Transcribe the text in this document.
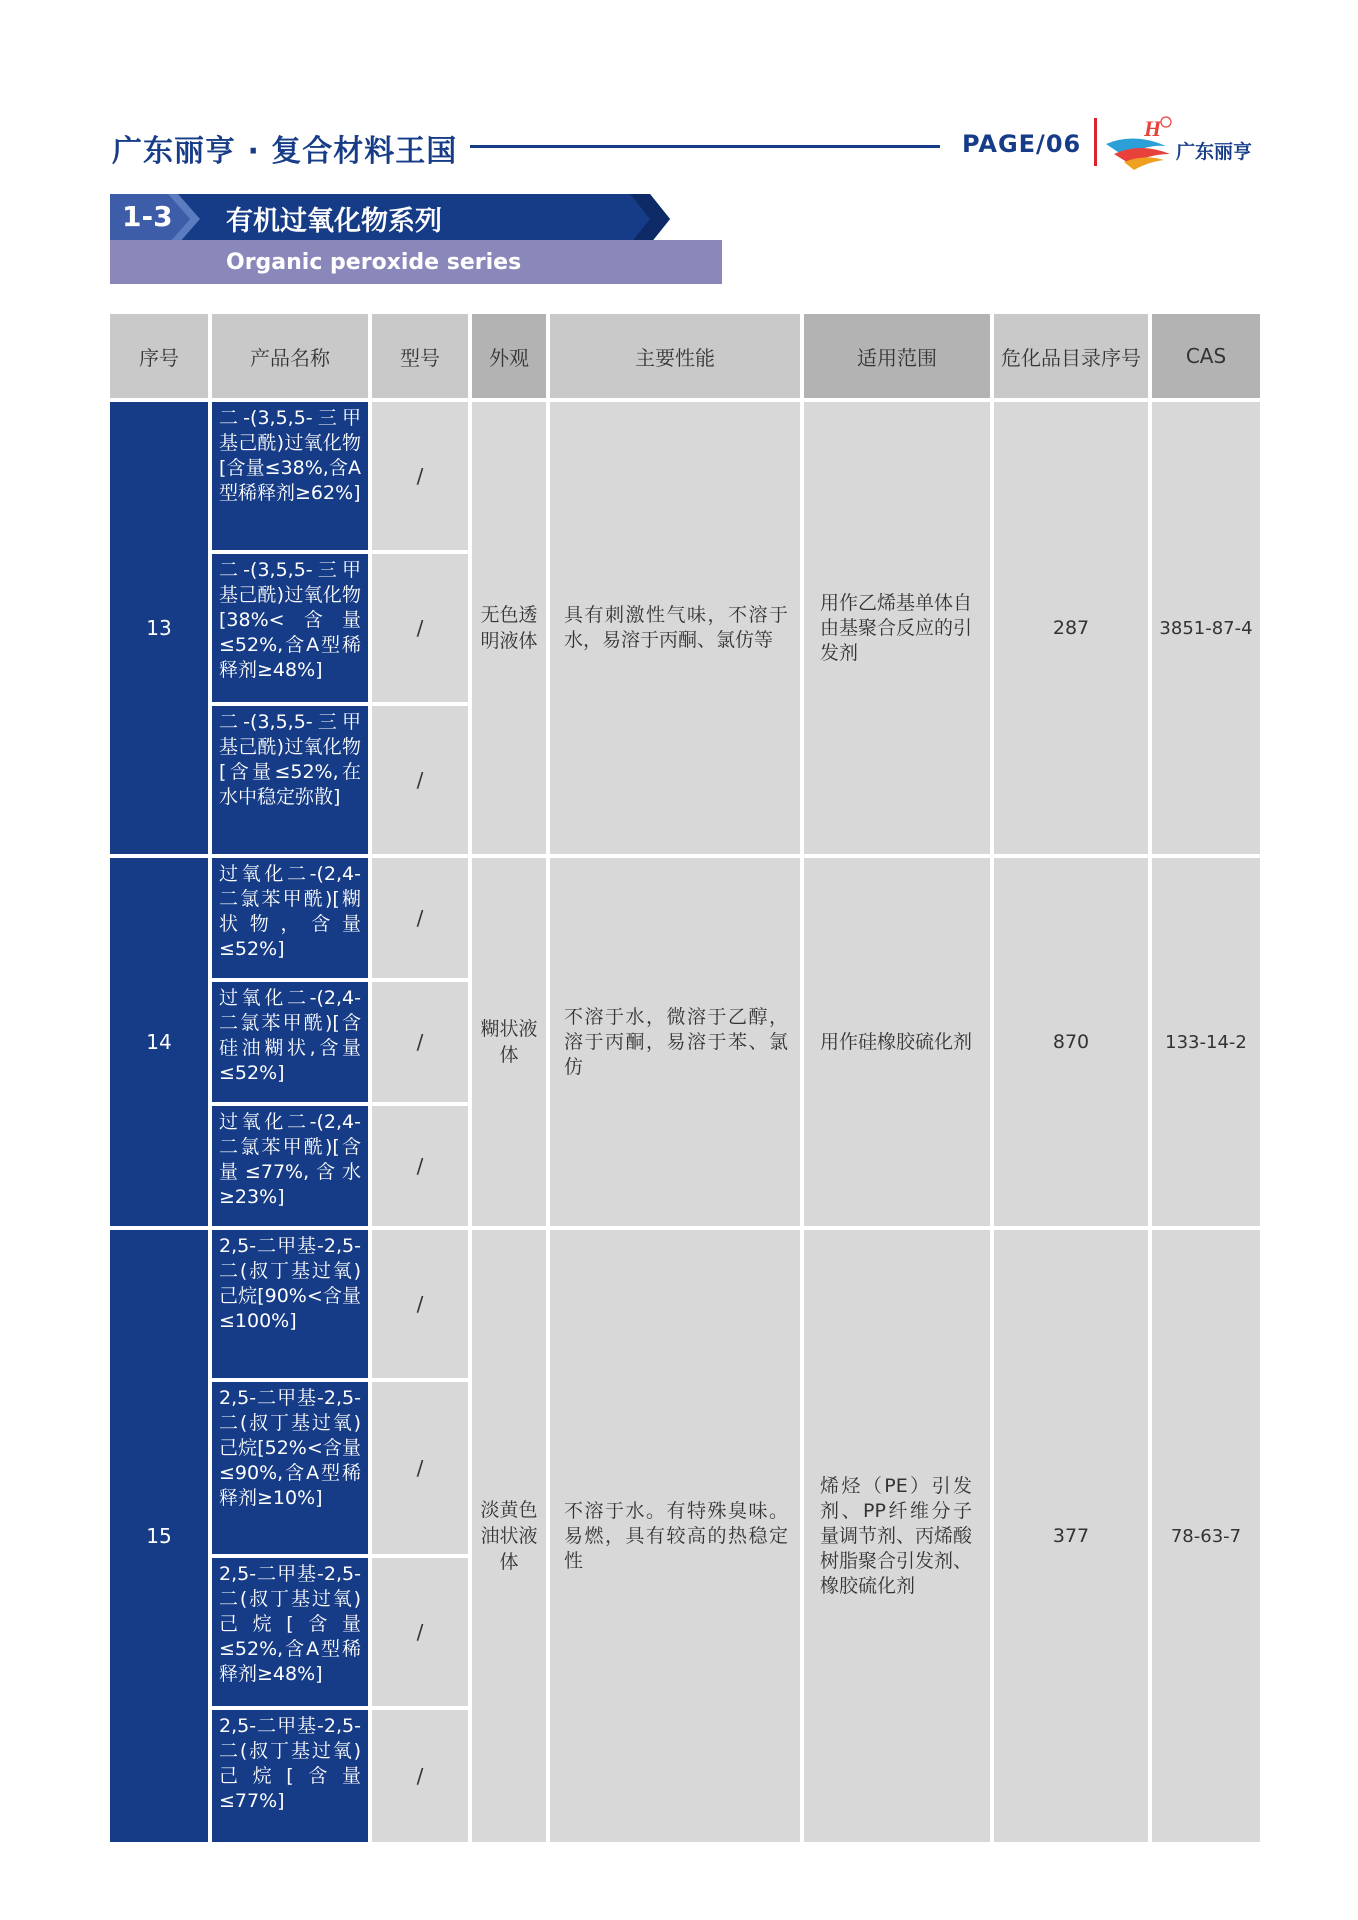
广东丽亨 · 复合材料王国	PAGE/06
H
广东丽亨
1-3 有机过氧化物系列
Organic peroxide series
序号	产品名称	型号	外观	主要性能	适用范围	危化品目录序号	CAS
13	二-(3,5,5-三甲基己酰)过氧化物[含量≤38%,含A型稀释剂≥62%]	/	无色透明液体	具有刺激性气味，不溶于水，易溶于丙酮、氯仿等	用作乙烯基单体自由基聚合反应的引发剂	287	3851-87-4
	二-(3,5,5-三甲基己酰)过氧化物[38%<含量≤52%,含A型稀释剂≥48%]	/					
	二-(3,5,5-三甲基己酰)过氧化物[含量≤52%,在水中稳定弥散]	/					
14	过氧化二-(2,4-二氯苯甲酰)[糊状物，含量≤52%]	/	糊状液体	不溶于水，微溶于乙醇，溶于丙酮，易溶于苯、氯仿	用作硅橡胶硫化剂	870	133-14-2
	过氧化二-(2,4-二氯苯甲酰)[含硅油糊状,含量≤52%]	/					
	过氧化二-(2,4-二氯苯甲酰)[含量≤77%,含水≥23%]	/					
15	2,5-二甲基-2,5-二(叔丁基过氧)己烷[90%<含量≤100%]	/	淡黄色油状液体	不溶于水。有特殊臭味。易燃，具有较高的热稳定性	烯烃（PE）引发剂、PP纤维分子量调节剂、丙烯酸树脂聚合引发剂、橡胶硫化剂	377	78-63-7
	2,5-二甲基-2,5-二(叔丁基过氧)己烷[52%<含量≤90%,含A型稀释剂≥10%]	/					
	2,5-二甲基-2,5-二(叔丁基过氧)己烷[含量≤52%,含A型稀释剂≥48%]	/					
	2,5-二甲基-2,5-二(叔丁基过氧)己烷[含量≤77%]	/					
